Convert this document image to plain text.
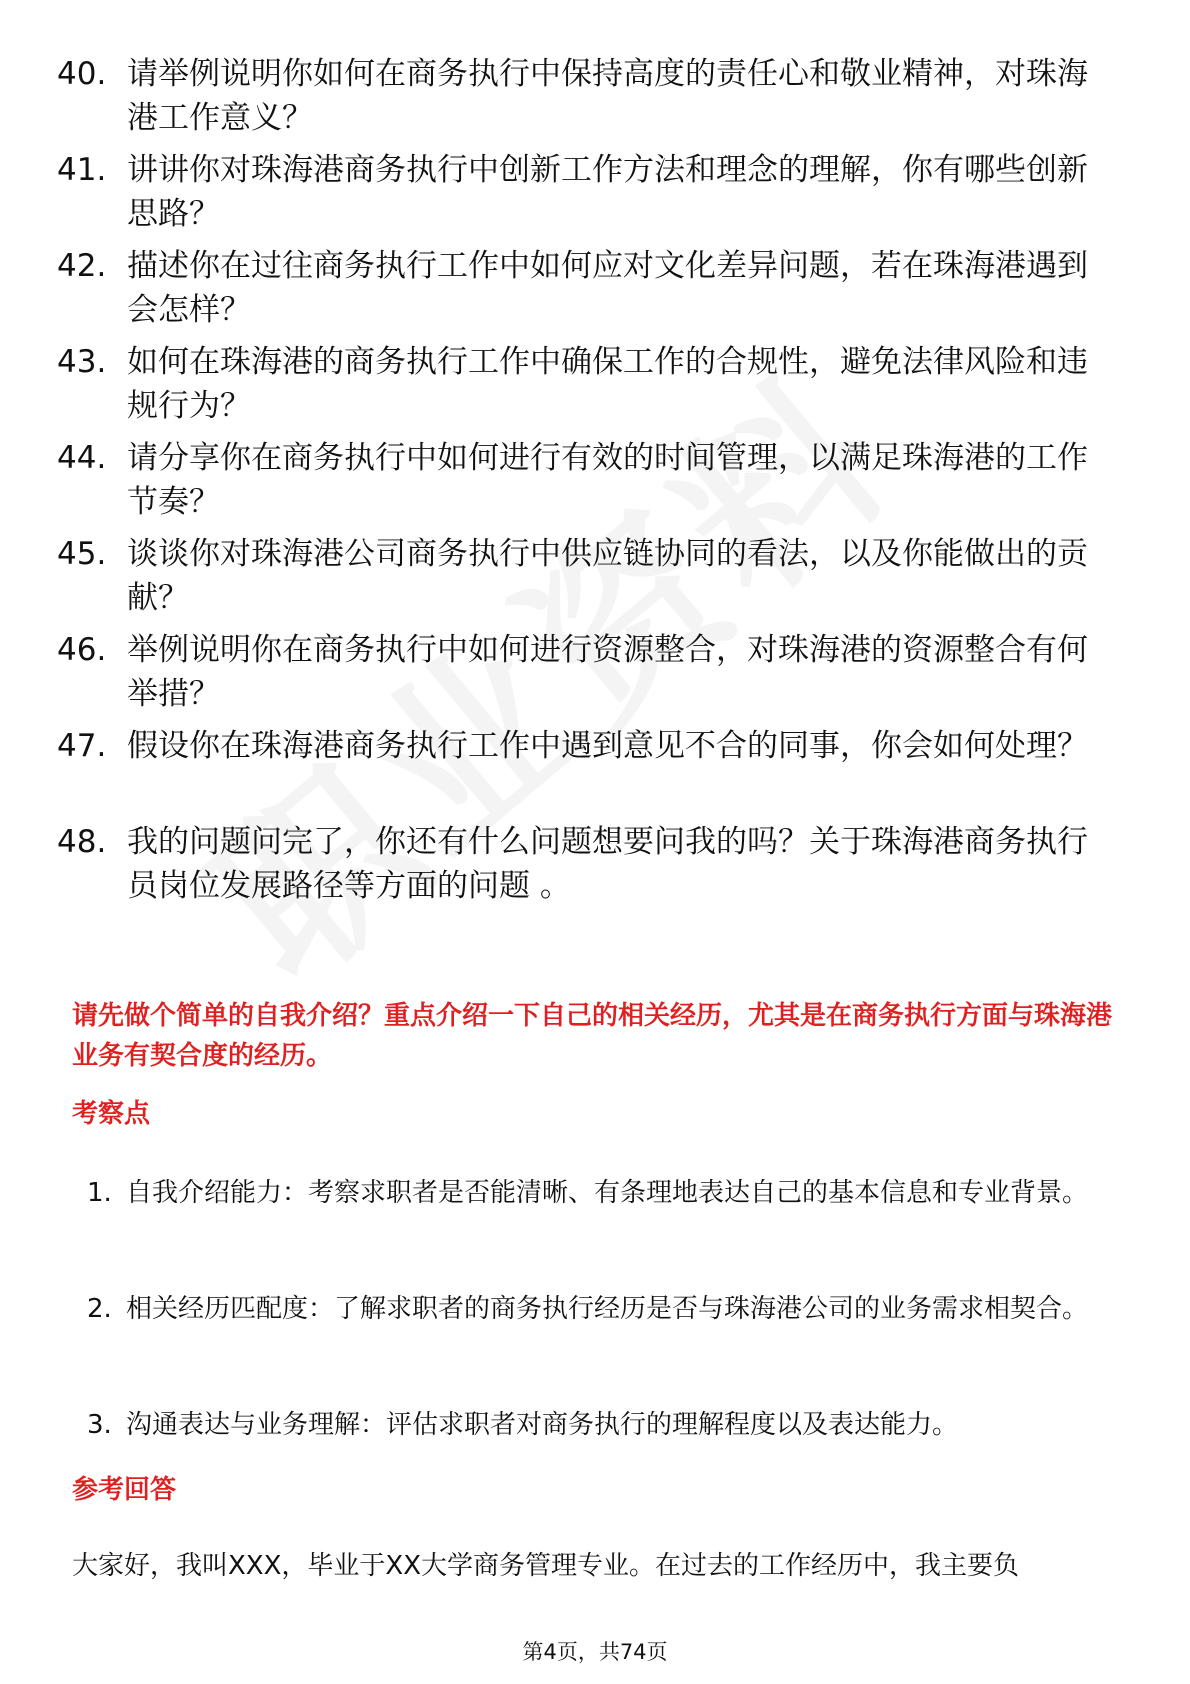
40. 请举例说明你如何在商务执行中保持高度的责任心和敬业精神，对珠海港工作意义？
41. 讲讲你对珠海港商务执行中创新工作方法和理念的理解，你有哪些创新思路？
42. 描述你在过往商务执行工作中如何应对文化差异问题，若在珠海港遇到会怎样？
43. 如何在珠海港的商务执行工作中确保工作的合规性，避免法律风险和违规行为？
44. 请分享你在商务执行中如何进行有效的时间管理，以满足珠海港的工作节奏？
45. 谈谈你对珠海港公司商务执行中供应链协同的看法，以及你能做出的贡献？
46. 举例说明你在商务执行中如何进行资源整合，对珠海港的资源整合有何举措？
47. 假设你在珠海港商务执行工作中遇到意见不合的同事，你会如何处理？
48. 我的问题问完了，你还有什么问题想要问我的吗？关于珠海港商务执行员岗位发展路径等方面的问题 。
请先做个简单的自我介绍？重点介绍一下自己的相关经历，尤其是在商务执行方面与珠海港业务有契合度的经历。
考察点
1. 自我介绍能力：考察求职者是否能清晰、有条理地表达自己的基本信息和专业背景。
2. 相关经历匹配度：了解求职者的商务执行经历是否与珠海港公司的业务需求相契合。
3. 沟通表达与业务理解：评估求职者对商务执行的理解程度以及表达能力。
参考回答
大家好，我叫XXX，毕业于XX大学商务管理专业。在过去的工作经历中，我主要负
第4页，共74页
